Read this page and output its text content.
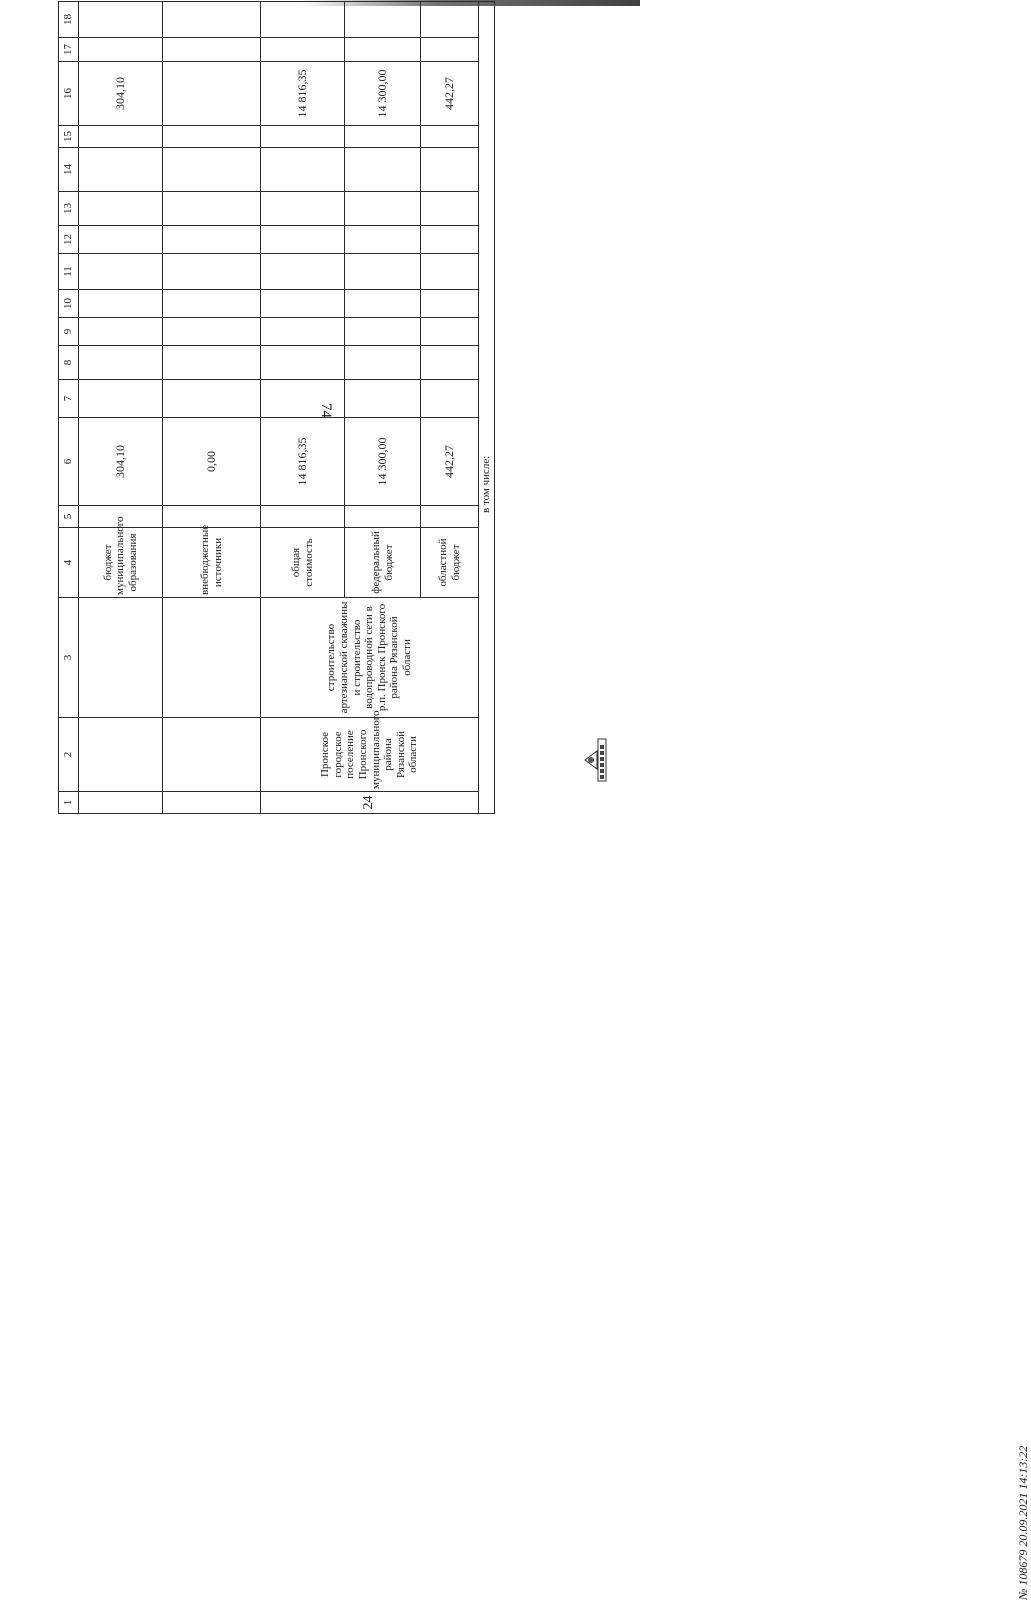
74
1	2	3	4	5	6	7	8	9	10	11	12	13	14	15	16	17	18
			бюджет муниципального образования		304,10										304,10		
			внебюджетные источники		0,00												
24	Пронское городское поселение Пронского муниципального района Рязанской области	строительство артезианской скважины и строительство водопроводной сети в р.п. Пронск Пронского района Рязанской области	общая стоимость		14 816,35										14 816,35		
			федеральный бюджет		14 300,00										14 300,00		
			областной бюджет		442,27										442,27		
в том числе:																	
№ 108679 20.09.2021 14:13:22
